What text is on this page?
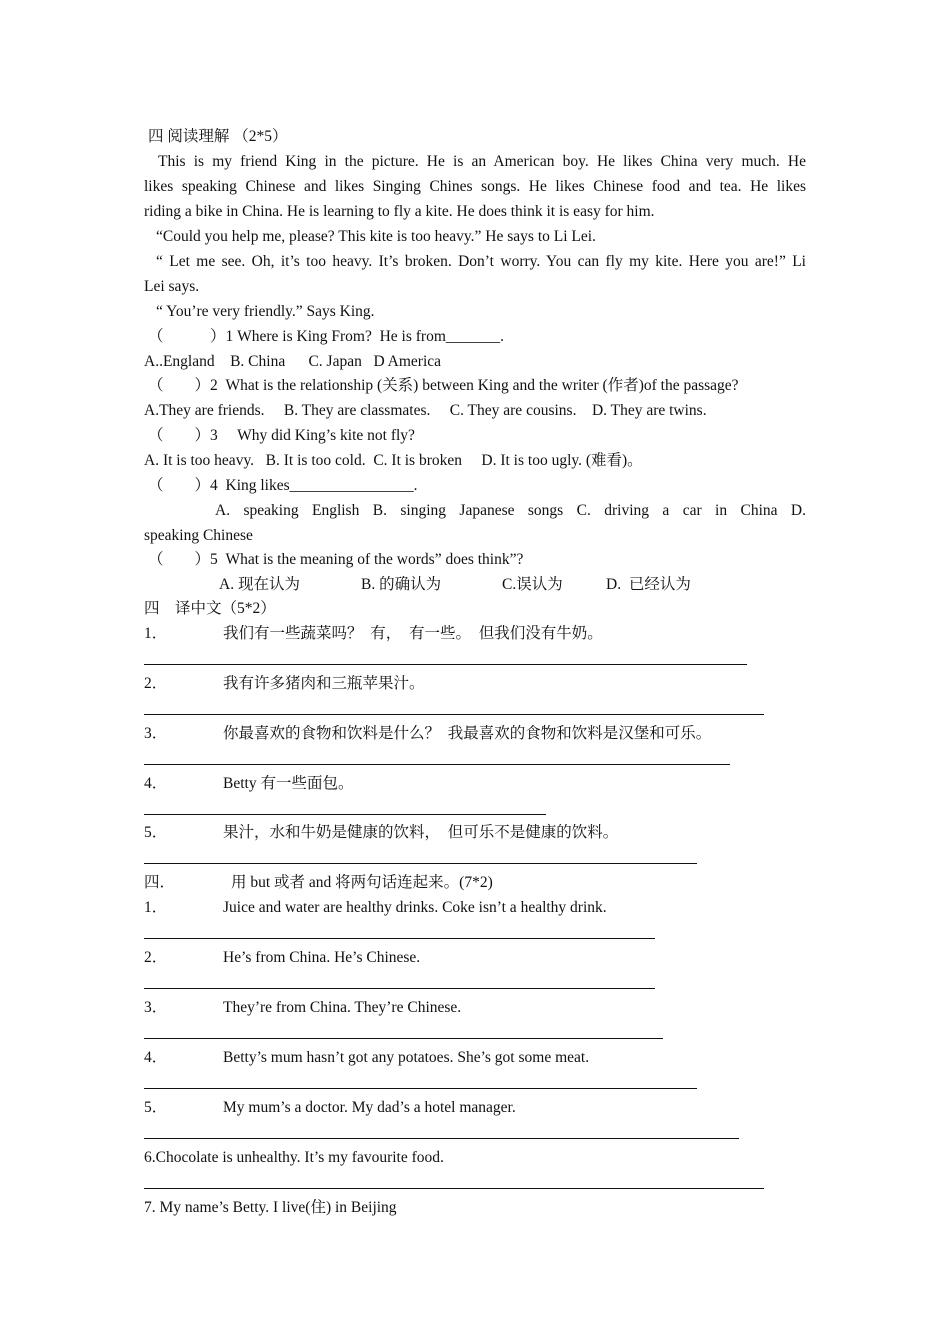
四 阅读理解 （2*5）
This is my friend King in the picture. He is an American boy. He likes China very much. He
likes speaking Chinese and likes Singing Chines songs. He likes Chinese food and tea. He likes
riding a bike in China. He is learning to fly a kite. He does think it is easy for him.
“Could you help me, please? This kite is too heavy.” He says to Li Lei.
“ Let me see. Oh, it’s too heavy. It’s broken. Don’t worry. You can fly my kite. Here you are!” Li
Lei says.
“ You’re very friendly.” Says King.
（　　　）1 Where is King From?  He is from_______.
A..England    B. China      C. Japan   D America
（　　）2  What is the relationship (关系) between King and the writer (作者)of the passage?
A.They are friends.     B. They are classmates.     C. They are cousins.    D. They are twins.
（　　）3     Why did King’s kite not fly?
A. It is too heavy.   B. It is too cold.  C. It is broken     D. It is too ugly. (难看)。
（　　）4  King likes________________.
A. speaking English B. singing Japanese songs C. driving a car in China D.
speaking Chinese
（　　）5  What is the meaning of the words” does think”?
A. 现在认为	B. 的确认为	C.误认为	D.  已经认为
四    译中文（5*2）
1．	我们有一些蔬菜吗？  有，  有一些。  但我们没有牛奶。
2．	我有许多猪肉和三瓶苹果汁。
3．	你最喜欢的食物和饮料是什么？  我最喜欢的食物和饮料是汉堡和可乐。
4．	Betty 有一些面包。
5．	果汁，水和牛奶是健康的饮料，  但可乐不是健康的饮料。
四．	用 but 或者 and 将两句话连起来。(7*2)
1．	Juice and water are healthy drinks. Coke isn’t a healthy drink.
2．	He’s from China. He’s Chinese.
3．	They’re from China. They’re Chinese.
4．	Betty’s mum hasn’t got any potatoes. She’s got some meat.
5．	My mum’s a doctor. My dad’s a hotel manager.
6.Chocolate is unhealthy. It’s my favourite food.
7. My name’s Betty. I live(住) in Beijing
